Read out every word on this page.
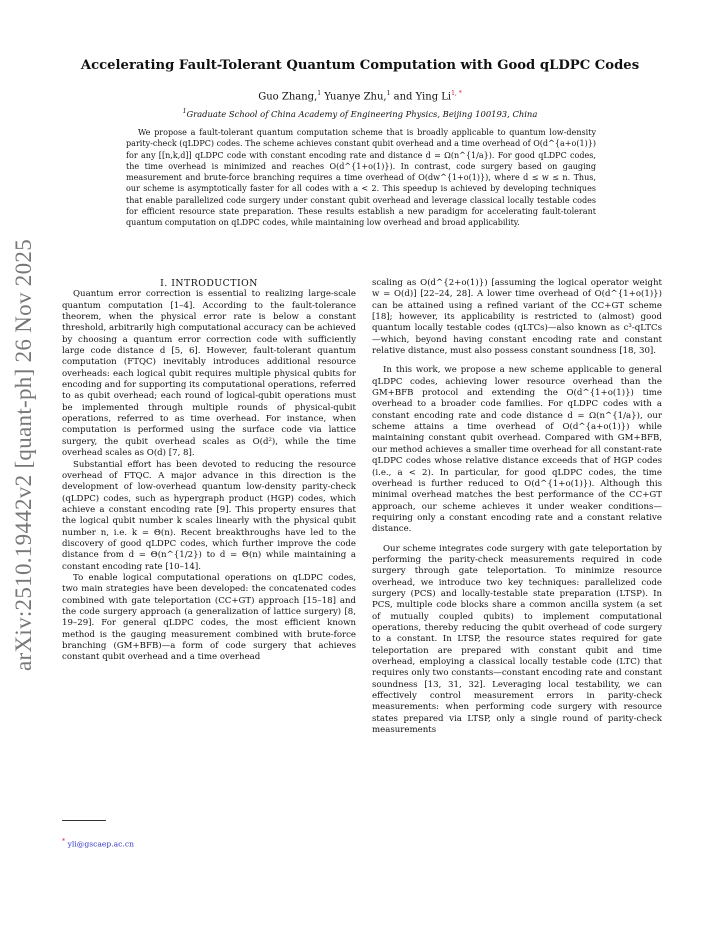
Accelerating Fault-Tolerant Quantum Computation with Good qLDPC Codes
Guo Zhang,$^1$ Yuanye Zhu,$^1$ and Ying $Li^{1, *}$
$^1$Graduate School of China Academy of Engineering Physics, Beijing 100193, China
We propose a fault-tolerant quantum computation scheme that is broadly applicable to quantum low-density parity-check (qLDPC) codes. The scheme achieves constant qubit overhead and a time overhead of O(d^{a+o(1)}) for any [[n,k,d]] qLDPC code with constant encoding rate and distance d = Ω(n^{1/a}). For good qLDPC codes, the time overhead is minimized and reaches O(d^{1+o(1)}). In contrast, code surgery based on gauging measurement and brute-force branching requires a time overhead of O(dw^{1+o(1)}), where d ≤ w ≤ n. Thus, our scheme is asymptotically faster for all codes with a < 2. This speedup is achieved by developing techniques that enable parallelized code surgery under constant qubit overhead and leverage classical locally testable codes for efficient resource state preparation. These results establish a new paradigm for accelerating fault-tolerant quantum computation on qLDPC codes, while maintaining low overhead and broad applicability.
arXiv:2510.19442v2 [quant-ph] 26 Nov 2025	I. INTRODUCTION

Quantum error correction is essential to realizing large-scale quantum computation [1–4]. According to the fault-tolerance theorem, when the physical error rate is below a constant threshold, arbitrarily high computational accuracy can be achieved by choosing a quantum error correction code with sufficiently large code distance d [5, 6]. However, fault-tolerant quantum computation (FTQC) inevitably introduces additional resource overheads: each logical qubit requires multiple physical qubits for encoding and for supporting its computational operations, referred to as qubit overhead; each round of logical-qubit operations must be implemented through multiple rounds of physical-qubit operations, referred to as time overhead. For instance, when computation is performed using the surface code via lattice surgery, the qubit overhead scales as O(d²), while the time overhead scales as O(d) [7, 8].

Substantial effort has been devoted to reducing the resource overhead of FTQC. A major advance in this direction is the development of low-overhead quantum low-density parity-check (qLDPC) codes, such as hypergraph product (HGP) codes, which achieve a constant encoding rate [9]. This property ensures that the logical qubit number k scales linearly with the physical qubit number n, i.e. k = Θ(n). Recent breakthroughs have led to the discovery of good qLDPC codes, which further improve the code distance from d = Θ(n^{1/2}) to d = Θ(n) while maintaining a constant encoding rate [10–14].

To enable logical computational operations on qLDPC codes, two main strategies have been developed: the concatenated codes combined with gate teleportation (CC+GT) approach [15–18] and the code surgery approach (a generalization of lattice surgery) [8, 19–29]. For general qLDPC codes, the most efficient known method is the gauging measurement combined with brute-force branching (GM+BFB)—a form of code surgery that achieves constant qubit overhead and a time overhead

scaling as O(d^{2+o(1)}) [assuming the logical operator weight w = O(d)] [22–24, 28]. A lower time overhead of O(d^{1+o(1)}) can be attained using a refined variant of the CC+GT scheme [18]; however, its applicability is restricted to (almost) good quantum locally testable codes (qLTCs)—also known as c³-qLTCs—which, beyond having constant encoding rate and constant relative distance, must also possess constant soundness [18, 30].

In this work, we propose a new scheme applicable to general qLDPC codes, achieving lower resource overhead than the GM+BFB protocol and extending the O(d^{1+o(1)}) time overhead to a broader code families. For qLDPC codes with a constant encoding rate and code distance d = Ω(n^{1/a}), our scheme attains a time overhead of O(d^{a+o(1)}) while maintaining constant qubit overhead. Compared with GM+BFB, our method achieves a smaller time overhead for all constant-rate qLDPC codes whose relative distance exceeds that of HGP codes (i.e., a < 2). In particular, for good qLDPC codes, the time overhead is further reduced to O(d^{1+o(1)}). Although this minimal overhead matches the best performance of the CC+GT approach, our scheme achieves it under weaker conditions—requiring only a constant encoding rate and a constant relative distance.

Our scheme integrates code surgery with gate teleportation by performing the parity-check measurements required in code surgery through gate teleportation. To minimize resource overhead, we introduce two key techniques: parallelized code surgery (PCS) and locally-testable state preparation (LTSP). In PCS, multiple code blocks share a common ancilla system (a set of mutually coupled qubits) to implement computational operations, thereby reducing the qubit overhead of code surgery to a constant. In LTSP, the resource states required for gate teleportation are prepared with constant qubit and time overhead, employing a classical locally testable code (LTC) that requires only two constants—constant encoding rate and constant soundness [13, 31, 32]. Leveraging local testability, we can effectively control measurement errors in parity-check measurements: when performing code surgery with resource states prepared via LTSP, only a single round of parity-check measurements

* yli@gscaep.ac.cn
